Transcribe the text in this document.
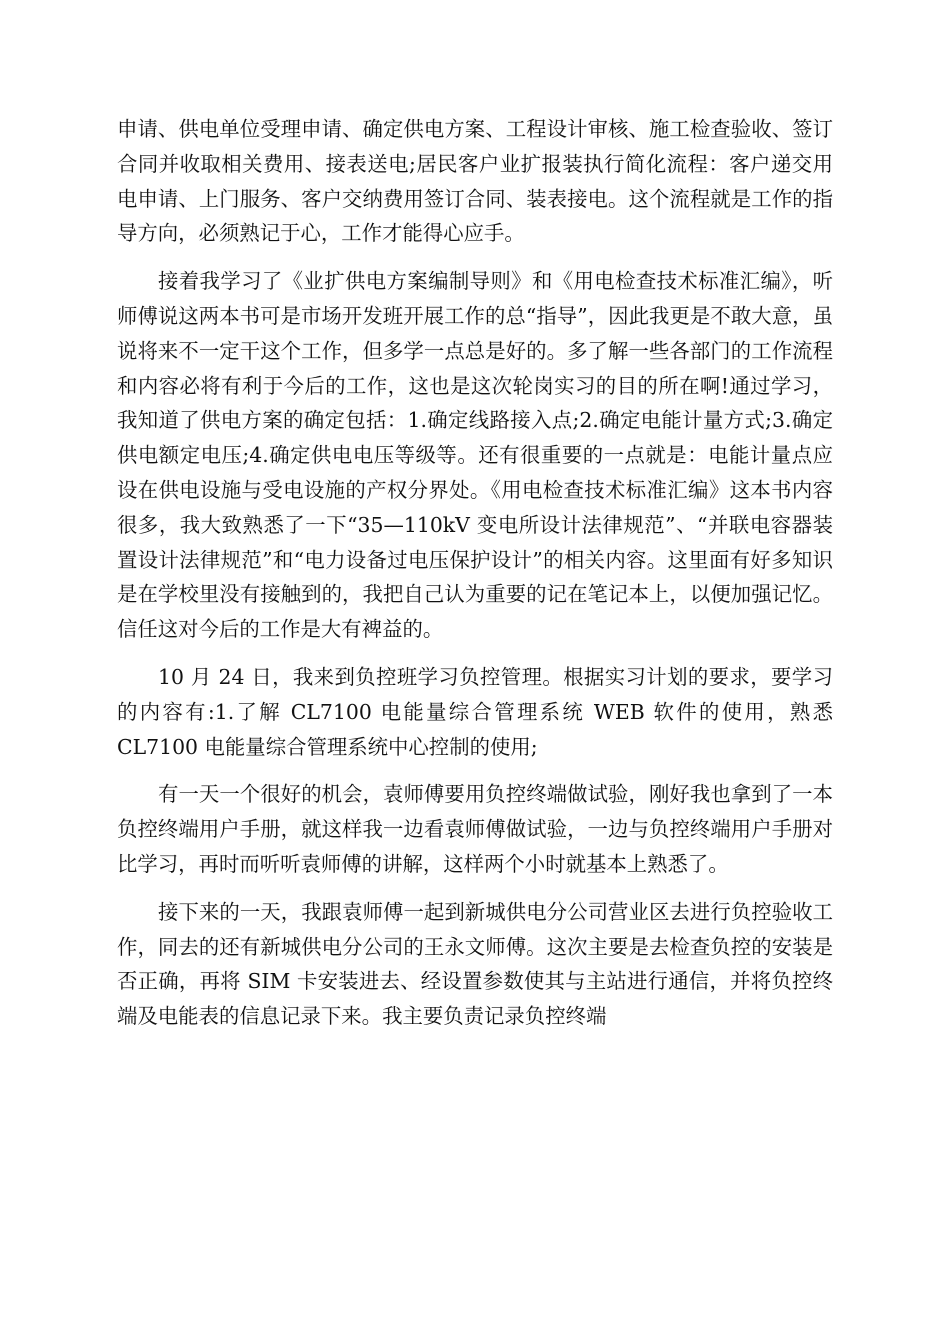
申请、供电单位受理申请、确定供电方案、工程设计审核、施工检查验收、签订合同并收取相关费用、接表送电;居民客户业扩报装执行简化流程：客户递交用电申请、上门服务、客户交纳费用签订合同、装表接电。这个流程就是工作的指导方向，必须熟记于心，工作才能得心应手。

接着我学习了《业扩供电方案编制导则》和《用电检查技术标准汇编》，听师傅说这两本书可是市场开发班开展工作的总“指导”，因此我更是不敢大意，虽说将来不一定干这个工作，但多学一点总是好的。多了解一些各部门的工作流程和内容必将有利于今后的工作，这也是这次轮岗实习的目的所在啊!通过学习，我知道了供电方案的确定包括：1.确定线路接入点;2.确定电能计量方式;3.确定供电额定电压;4.确定供电电压等级等。还有很重要的一点就是：电能计量点应设在供电设施与受电设施的产权分界处。《用电检查技术标准汇编》这本书内容很多，我大致熟悉了一下“35—110kV 变电所设计法律规范”、“并联电容器装置设计法律规范”和“电力设备过电压保护设计”的相关内容。这里面有好多知识是在学校里没有接触到的，我把自己认为重要的记在笔记本上，以便加强记忆。信任这对今后的工作是大有裨益的。

10 月 24 日，我来到负控班学习负控管理。根据实习计划的要求，要学习的内容有:1.了解 CL7100 电能量综合管理系统 WEB 软件的使用，熟悉CL7100 电能量综合管理系统中心控制的使用;

有一天一个很好的机会，袁师傅要用负控终端做试验，刚好我也拿到了一本负控终端用户手册，就这样我一边看袁师傅做试验，一边与负控终端用户手册对比学习，再时而听听袁师傅的讲解，这样两个小时就基本上熟悉了。

接下来的一天，我跟袁师傅一起到新城供电分公司营业区去进行负控验收工作，同去的还有新城供电分公司的王永文师傅。这次主要是去检查负控的安装是否正确，再将 SIM 卡安装进去、经设置参数使其与主站进行通信，并将负控终端及电能表的信息记录下来。我主要负责记录负控终端
